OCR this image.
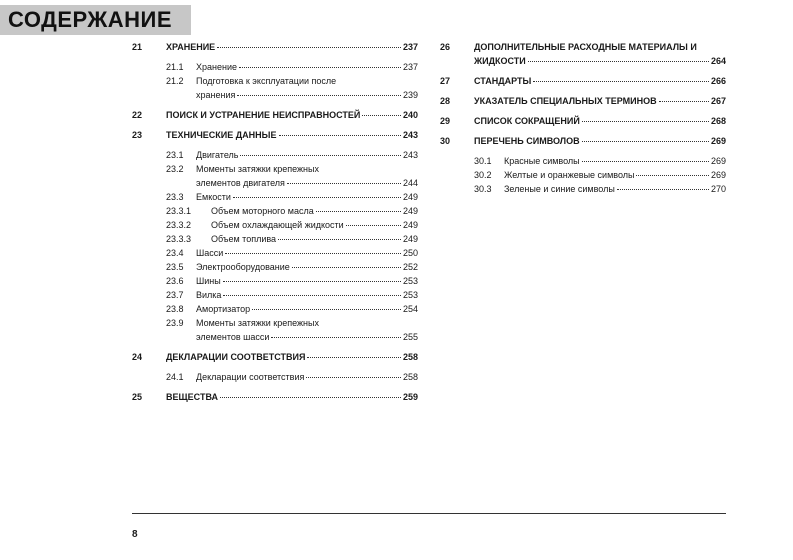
СОДЕРЖАНИЕ
21	ХРАНЕНИЕ	237
21.1 Хранение	237
21.2 Подготовка к эксплуатации после
хранения	239
22	ПОИСК И УСТРАНЕНИЕ НЕИСПРАВНОСТЕЙ	240
23	ТЕХНИЧЕСКИЕ ДАННЫЕ	243
23.1 Двигатель	243
23.2 Моменты затяжки крепежных
элементов двигателя	244
23.3 Емкости	249
23.3.1 Объем моторного масла	249
23.3.2 Объем охлаждающей жидкости	249
23.3.3 Объем топлива	249
23.4 Шасси	250
23.5 Электрооборудование	252
23.6 Шины	253
23.7 Вилка	253
23.8 Амортизатор	254
23.9 Моменты затяжки крепежных
элементов шасси	255
24	ДЕКЛАРАЦИИ СООТВЕТСТВИЯ	258
24.1 Декларации соответствия	258
25	ВЕЩЕСТВА	259
26	ДОПОЛНИТЕЛЬНЫЕ РАСХОДНЫЕ МАТЕРИАЛЫ И
ЖИДКОСТИ	264
27	СТАНДАРТЫ	266
28	УКАЗАТЕЛЬ СПЕЦИАЛЬНЫХ ТЕРМИНОВ	267
29	СПИСОК СОКРАЩЕНИЙ	268
30	ПЕРЕЧЕНЬ СИМВОЛОВ	269
30.1 Красные символы	269
30.2 Желтые и оранжевые символы	269
30.3 Зеленые и синие символы	270
8
